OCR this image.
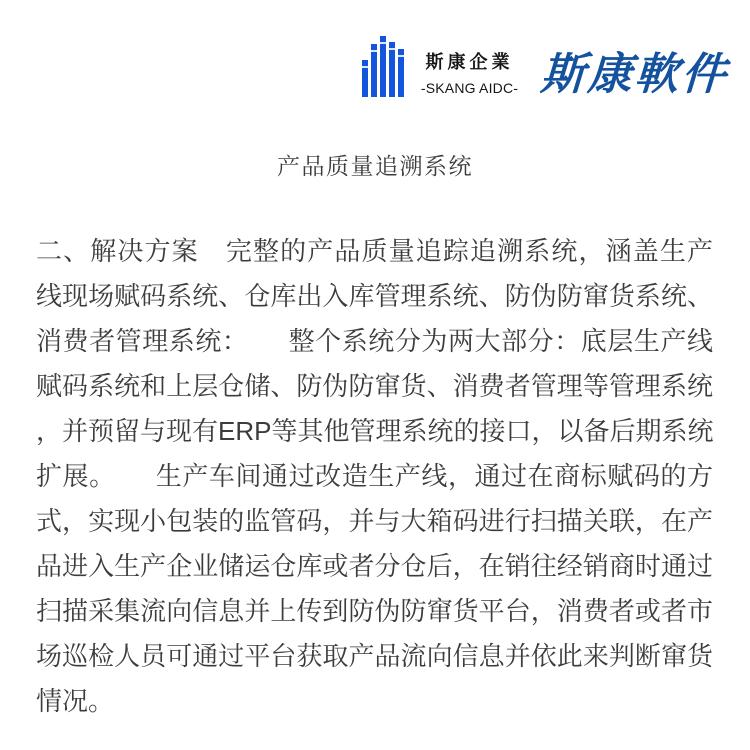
斯康企業
-SKANG AIDC- 斯康軟件
产品质量追溯系统
二、解决方案　完整的产品质量追踪追溯系统，涵盖生产
线现场赋码系统、仓库出入库管理系统、防伪防窜货系统、
消费者管理系统：　　整个系统分为两大部分：底层生产线
赋码系统和上层仓储、防伪防窜货、消费者管理等管理系统
，并预留与现有ERP等其他管理系统的接口，以备后期系统
扩展。　　生产车间通过改造生产线，通过在商标赋码的方
式，实现小包装的监管码，并与大箱码进行扫描关联，在产
品进入生产企业储运仓库或者分仓后，在销往经销商时通过
扫描采集流向信息并上传到防伪防窜货平台，消费者或者市
场巡检人员可通过平台获取产品流向信息并依此来判断窜货
情况。
